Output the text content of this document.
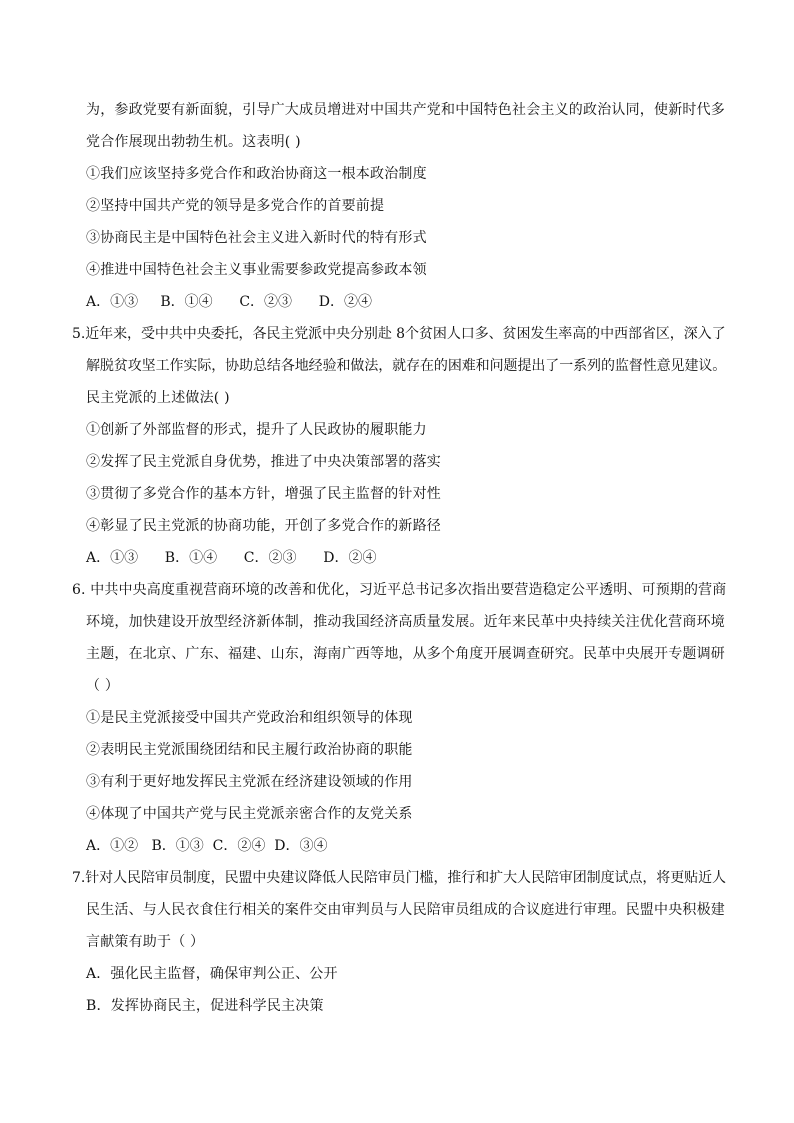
为，参政党要有新面貌，引导广大成员增进对中国共产党和中国特色社会主义的政治认同，使新时代多
党合作展现出勃勃生机。这表明( )
①我们应该坚持多党合作和政治协商这一根本政治制度
②坚持中国共产党的领导是多党合作的首要前提
③协商民主是中国特色社会主义进入新时代的特有形式
④推进中国特色社会主义事业需要参政党提高参政本领
A．①③     B．①④      C．②③      D．②④
5.近年来，受中共中央委托，各民主党派中央分别赴 8个贫困人口多、贫困发生率高的中西部省区，深入了
解脱贫攻坚工作实际，协助总结各地经验和做法，就存在的困难和问题提出了一系列的监督性意见建议。
民主党派的上述做法( )
①创新了外部监督的形式，提升了人民政协的履职能力
②发挥了民主党派自身优势，推进了中央决策部署的落实
③贯彻了多党合作的基本方针，增强了民主监督的针对性
④彰显了民主党派的协商功能，开创了多党合作的新路径
A．①③      B．①④      C．②③      D．②④
6. 中共中央高度重视营商环境的改善和优化，习近平总书记多次指出要营造稳定公平透明、可预期的营商
环境，加快建设开放型经济新体制，推动我国经济高质量发展。近年来民革中央持续关注优化营商环境
主题，在北京、广东、福建、山东，海南广西等地，从多个角度开展调查研究。民革中央展开专题调研
（ ）
①是民主党派接受中国共产党政治和组织领导的体现
②表明民主党派围绕团结和民主履行政治协商的职能
③有利于更好地发挥民主党派在经济建设领域的作用
④体现了中国共产党与民主党派亲密合作的友党关系
A．①②   B．①③  C．②④  D．③④
7.针对人民陪审员制度，民盟中央建议降低人民陪审员门槛，推行和扩大人民陪审团制度试点，将更贴近人
民生活、与人民衣食住行相关的案件交由审判员与人民陪审员组成的合议庭进行审理。民盟中央积极建
言献策有助于（ ）
A．强化民主监督，确保审判公正、公开
B．发挥协商民主，促进科学民主决策
